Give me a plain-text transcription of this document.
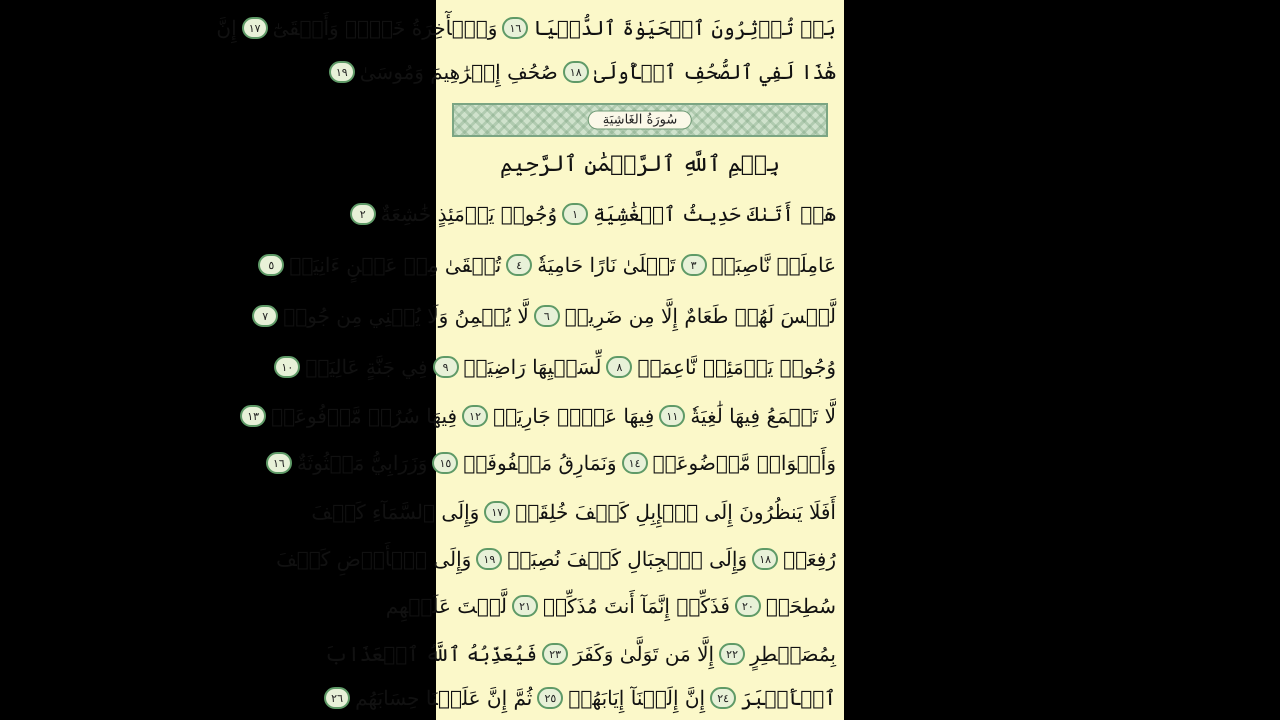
بَلۡ تُؤۡثِرُونَ ٱلۡحَيَوٰةَ ٱلدُّنۡيَا
١٦
وَٱلۡأٓخِرَةُ خَيۡرٞ وَأَبۡقَىٰٓ
١٧
إِنَّ
هَٰذَا لَفِي ٱلصُّحُفِ ٱلۡأُولَىٰ
١٨
صُحُفِ إِبۡرَٰهِيمَ وَمُوسَىٰ
١٩
سُورَةُ الغَاشِيَةِ
بِسۡمِ ٱللَّهِ ٱلرَّحۡمَٰنِ ٱلرَّحِيمِ
هَلۡ أَتَىٰكَ حَدِيثُ ٱلۡغَٰشِيَةِ
١
وُجُوهٞ يَوۡمَئِذٍ خَٰشِعَةٌ
٢
عَامِلَةٞ نَّاصِبَةٞ
٣
تَصۡلَىٰ نَارًا حَامِيَةٗ
٤
تُسۡقَىٰ مِنۡ عَيۡنٍ ءَانِيَةٖ
٥
لَّيۡسَ لَهُمۡ طَعَامٌ إِلَّا مِن ضَرِيعٖ
٦
لَّا يُسۡمِنُ وَلَا يُغۡنِي مِن جُوعٖ
٧
وُجُوهٞ يَوۡمَئِذٖ نَّاعِمَةٞ
٨
لِّسَعۡيِهَا رَاضِيَةٞ
٩
فِي جَنَّةٍ عَالِيَةٖ
١٠
لَّا تَسۡمَعُ فِيهَا لَٰغِيَةٗ
١١
فِيهَا عَيۡنٞ جَارِيَةٞ
١٢
فِيهَا سُرُرٞ مَّرۡفُوعَةٞ
١٣
وَأَكۡوَابٞ مَّوۡضُوعَةٞ
١٤
وَنَمَارِقُ مَصۡفُوفَةٞ
١٥
وَزَرَابِيُّ مَبۡثُوثَةٌ
١٦
أَفَلَا يَنظُرُونَ إِلَى ٱلۡإِبِلِ كَيۡفَ خُلِقَتۡ
١٧
وَإِلَى ٱلسَّمَآءِ كَيۡفَ
رُفِعَتۡ
١٨
وَإِلَى ٱلۡجِبَالِ كَيۡفَ نُصِبَتۡ
١٩
وَإِلَى ٱلۡأَرۡضِ كَيۡفَ
سُطِحَتۡ
٢٠
فَذَكِّرۡ إِنَّمَآ أَنتَ مُذَكِّرٞ
٢١
لَّسۡتَ عَلَيۡهِم
بِمُصَيۡطِرٍ
٢٢
إِلَّا مَن تَوَلَّىٰ وَكَفَرَ
٢٣
فَيُعَذِّبُهُ ٱللَّهُ ٱلۡعَذَابَ
ٱلۡأَكۡبَرَ
٢٤
إِنَّ إِلَيۡنَآ إِيَابَهُمۡ
٢٥
ثُمَّ إِنَّ عَلَيۡنَا حِسَابَهُم
٢٦
